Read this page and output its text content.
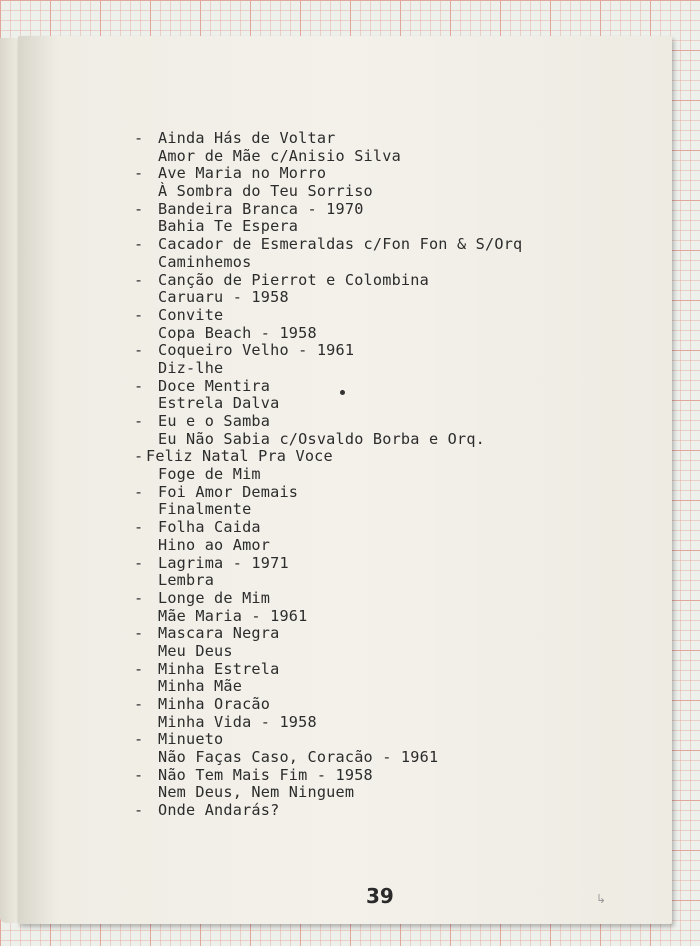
- Ainda Hás de Voltar
Amor de Mãe c/Anisio Silva
- Ave Maria no Morro
À Sombra do Teu Sorriso
- Bandeira Branca - 1970
Bahia Te Espera
- Cacador de Esmeraldas c/Fon Fon & S/Orq
Caminhemos
- Canção de Pierrot e Colombina
Caruaru - 1958
- Convite
Copa Beach - 1958
- Coqueiro Velho - 1961
Diz-lhe
- Doce Mentira
Estrela Dalva
- Eu e o Samba
Eu Não Sabia c/Osvaldo Borba e Orq.
- Feliz Natal Pra Voce
Foge de Mim
- Foi Amor Demais
Finalmente
- Folha Caida
Hino ao Amor
- Lagrima - 1971
Lembra
- Longe de Mim
Mãe Maria - 1961
- Mascara Negra
Meu Deus
- Minha Estrela
Minha Mãe
- Minha Oracão
Minha Vida - 1958
- Minueto
Não Faças Caso, Coracão - 1961
- Não Tem Mais Fim - 1958
Nem Deus, Nem Ninguem
- Onde Andarás?
39	↳
